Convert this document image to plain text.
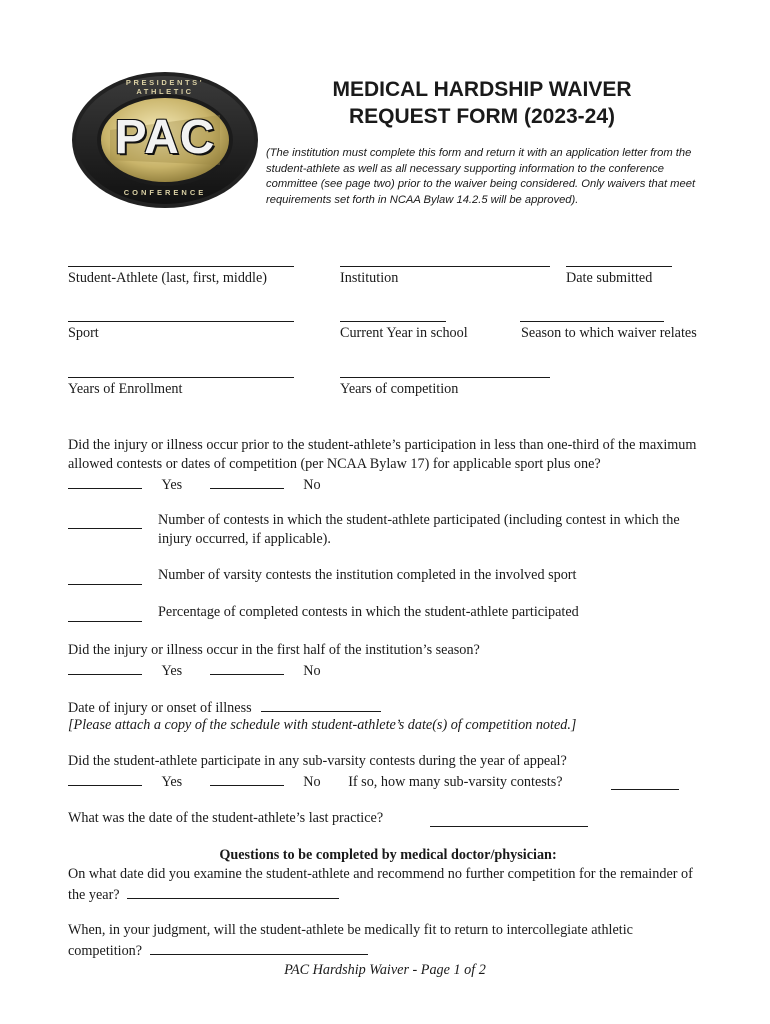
PAC
PRESIDENTS' ATHLETIC
CONFERENCE
MEDICAL HARDSHIP WAIVER
REQUEST FORM (2023-24)
(The institution must complete this form and return it with an application letter from the student-athlete as well as all necessary supporting information to the conference committee (see page two) prior to the waiver being considered. Only waivers that meet requirements set forth in NCAA Bylaw 14.2.5 will be approved).
Student-Athlete (last, first, middle)	Institution	Date submitted
Sport	Current Year in school	Season to which waiver relates
Years of Enrollment	Years of competition
Did the injury or illness occur prior to the student-athlete’s participation in less than one-third of the maximum allowed contests or dates of competition (per NCAA Bylaw 17) for applicable sport plus one?
Yes	No
Number of contests in which the student-athlete participated (including contest in which the injury occurred, if applicable).
Number of varsity contests the institution completed in the involved sport
Percentage of completed contests in which the student-athlete participated
Did the injury or illness occur in the first half of the institution’s season?
Yes	No
Date of injury or onset of illness
[Please attach a copy of the schedule with student-athlete’s date(s) of competition noted.]
Did the student-athlete participate in any sub-varsity contests during the year of appeal?
Yes	No If so, how many sub-varsity contests?
What was the date of the student-athlete’s last practice?
Questions to be completed by medical doctor/physician:
On what date did you examine the student-athlete and recommend no further competition for the remainder of the year?
When, in your judgment, will the student-athlete be medically fit to return to intercollegiate athletic competition?
PAC Hardship Waiver - Page 1 of 2
